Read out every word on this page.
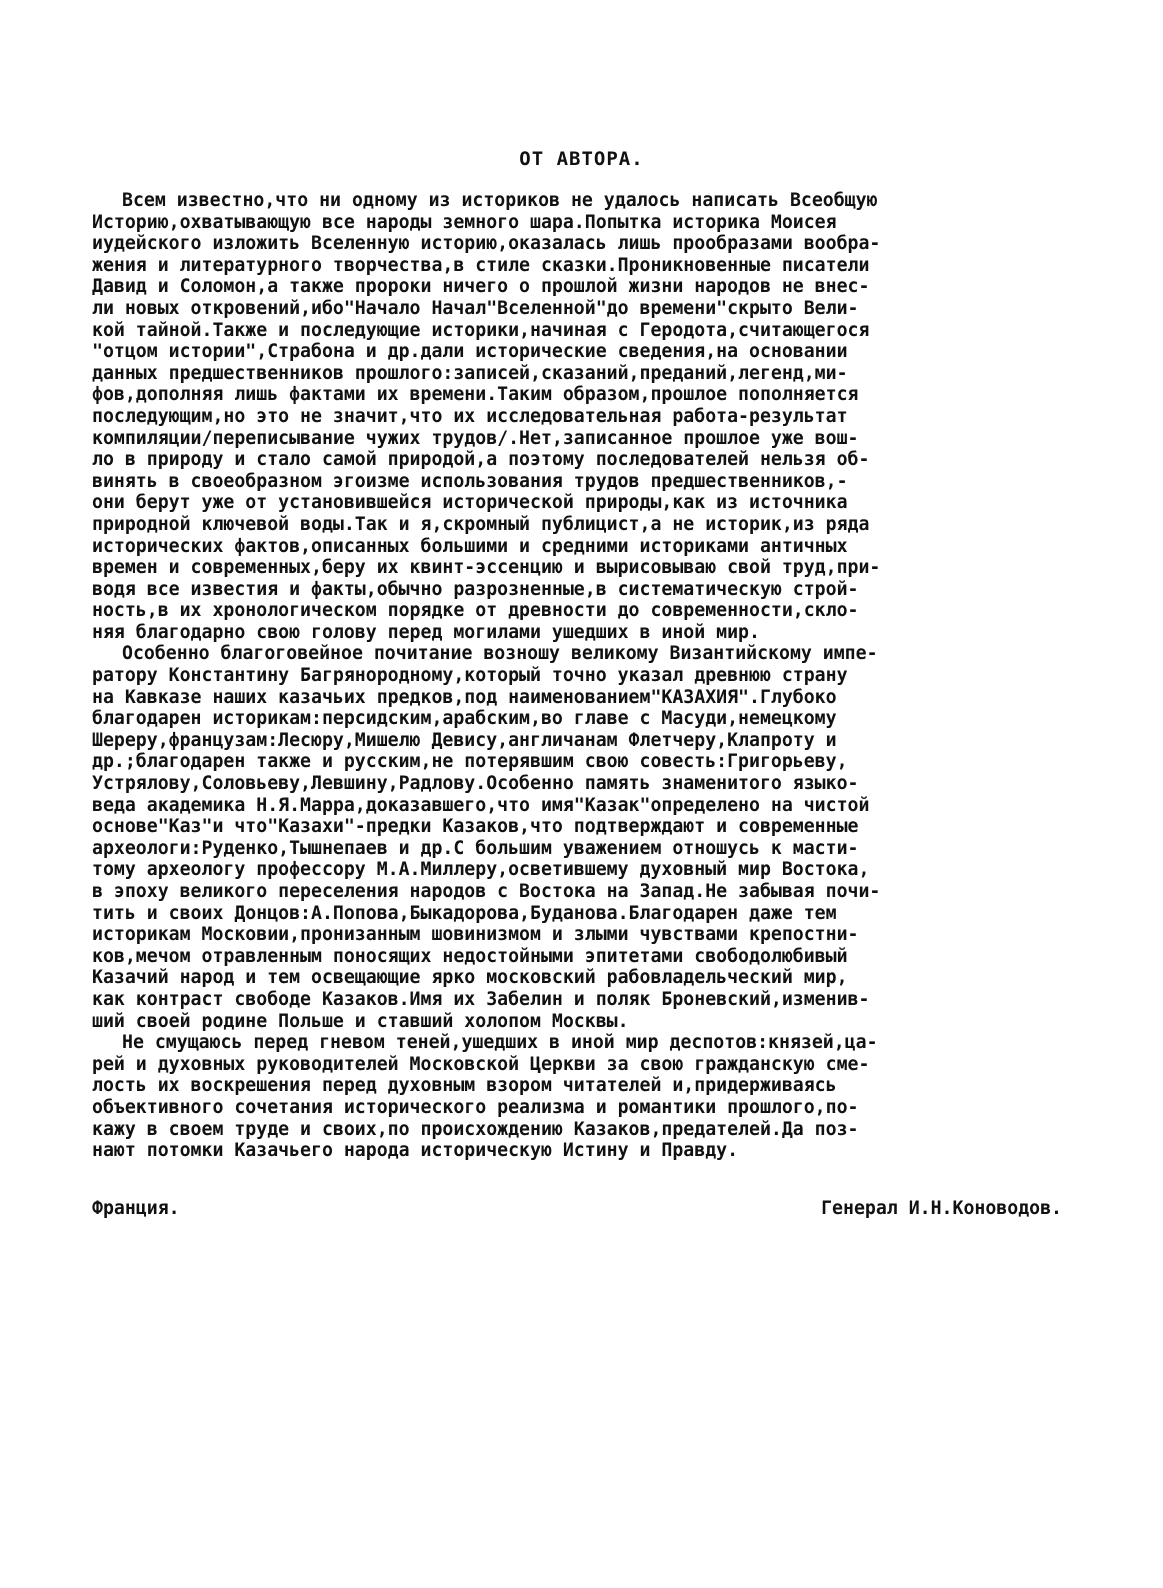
ОТ АВТОРА.
Всем известно,что ни одному из историков не удалось написать Всеобщую
Историю,охватывающую все народы земного шара.Попытка историка Моисея
иудейского изложить Вселенную историю,оказалась лишь прообразами вообра-
жения и литературного творчества,в стиле сказки.Проникновенные писатели
Давид и Соломон,а также пророки ничего о прошлой жизни народов не внес-
ли новых откровений,ибо"Начало Начал"Вселенной"до времени"скрыто Вели-
кой тайной.Также и последующие историки,начиная с Геродота,считающегося
"отцом истории",Страбона и др.дали исторические сведения,на основании
данных предшественников прошлого:записей,сказаний,преданий,легенд,ми-
фов,дополняя лишь фактами их времени.Таким образом,прошлое пополняется
последующим,но это не значит,что их исследовательная работа-результат
компиляции/переписывание чужих трудов/.Нет,записанное прошлое уже вош-
ло в природу и стало самой природой,а поэтому последователей нельзя об-
винять в своеобразном эгоизме использования трудов предшественников,-
они берут уже от установившейся исторической природы,как из источника
природной ключевой воды.Так и я,скромный публицист,а не историк,из ряда
исторических фактов,описанных большими и средними историками античных
времен и современных,беру их квинт-эссенцию и вырисовываю свой труд,при-
водя все известия и факты,обычно разрозненные,в систематическую строй-
ность,в их хронологическом порядке от древности до современности,скло-
няя благодарно свою голову перед могилами ушедших в иной мир.
Особенно благоговейное почитание возношу великому Византийскому импе-
ратору Константину Багрянородному,который точно указал древнюю страну
на Кавказе наших казачьих предков,под наименованием"КАЗАХИЯ".Глубоко
благодарен историкам:персидским,арабским,во главе с Масуди,немецкому
Шереру,французам:Лесюру,Мишелю Девису,англичанам Флетчеру,Клапроту и
др.;благодарен также и русским,не потерявшим свою совесть:Григорьеву,
Устрялову,Соловьеву,Левшину,Радлову.Особенно память знаменитого языко-
веда академика Н.Я.Марра,доказавшего,что имя"Казак"определено на чистой
основе"Каз"и что"Казахи"-предки Казаков,что подтверждают и современные
археологи:Руденко,Тышнепаев и др.С большим уважением отношусь к масти-
тому археологу профессору М.А.Миллеру,осветившему духовный мир Востока,
в эпоху великого переселения народов с Востока на Запад.Не забывая почи-
тить и своих Донцов:А.Попова,Быкадорова,Буданова.Благодарен даже тем
историкам Московии,пронизанным шовинизмом и злыми чувствами крепостни-
ков,мечом отравленным поносящих недостойными эпитетами свободолюбивый
Казачий народ и тем освещающие ярко московский рабовладельческий мир,
как контраст свободе Казаков.Имя их Забелин и поляк Броневский,изменив-
ший своей родине Польше и ставший холопом Москвы.
Не смущаюсь перед гневом теней,ушедших в иной мир деспотов:князей,ца-
рей и духовных руководителей Московской Церкви за свою гражданскую сме-
лость их воскрешения перед духовным взором читателей и,придерживаясь
объективного сочетания исторического реализма и романтики прошлого,по-
кажу в своем труде и своих,по происхождению Казаков,предателей.Да поз-
нают потомки Казачьего народа историческую Истину и Правду.
Франция.	Генерал И.Н.Коноводов.
